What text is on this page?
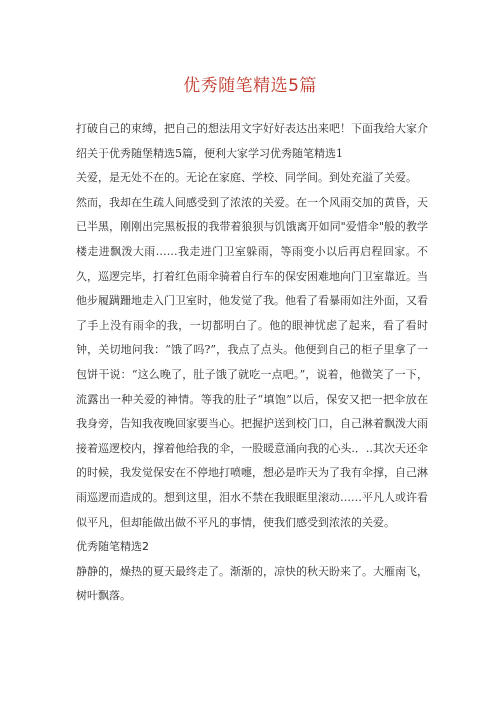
优秀随笔精选5篇

打破自己的束缚，把自己的想法用文字好好表达出来吧！下面我给大家介绍关于优秀随堡精选5篇，便利大家学习优秀随笔精选1

关爱，是无处不在的。无论在家庭、学校、同学间。到处充溢了关爱。

然而，我却在生疏人间感受到了浓浓的关爱。在一个风雨交加的黄昏，天已半黑，刚刚出完黑板报的我带着狼狈与饥饿离开如同"爱惜伞"般的教学楼走进飘泼大雨……我走进门卫室躲雨，等雨变小以后再启程回家。不久，巡逻完毕，打着红色雨伞骑着自行车的保安困难地向门卫室靠近。当他步履蹒跚地走入门卫室时，他发觉了我。他看了看暴雨如注外面，又看了手上没有雨伞的我，一切都明白了。他的眼神忧虑了起来，看了看时钟，关切地问我：“饿了吗?”，我点了点头。他便到自己的柜子里拿了一包饼干说：“这么晚了，肚子饿了就吃一点吧。”，说着，他微笑了一下，流露出一种关爱的神情。等我的肚子“填饱”以后，保安又把一把伞放在我身旁，告知我夜晚回家要当心。把握护送到校门口，自己淋着飘泼大雨接着巡逻校内，撑着他给我的伞，一股暖意涌向我的心头.．..其次天还伞的时候，我发觉保安在不停地打喷嚏，想必是昨天为了我有伞撑，自己淋雨巡逻而造成的。想到这里，泪水不禁在我眼眶里滚动……平凡人或许看似平凡，但却能做出做不平凡的事情，使我们感受到浓浓的关爱。

优秀随笔精选2

静静的，燥热的夏天最终走了。渐渐的，凉快的秋天盼来了。大雁南飞，树叶飘落。
